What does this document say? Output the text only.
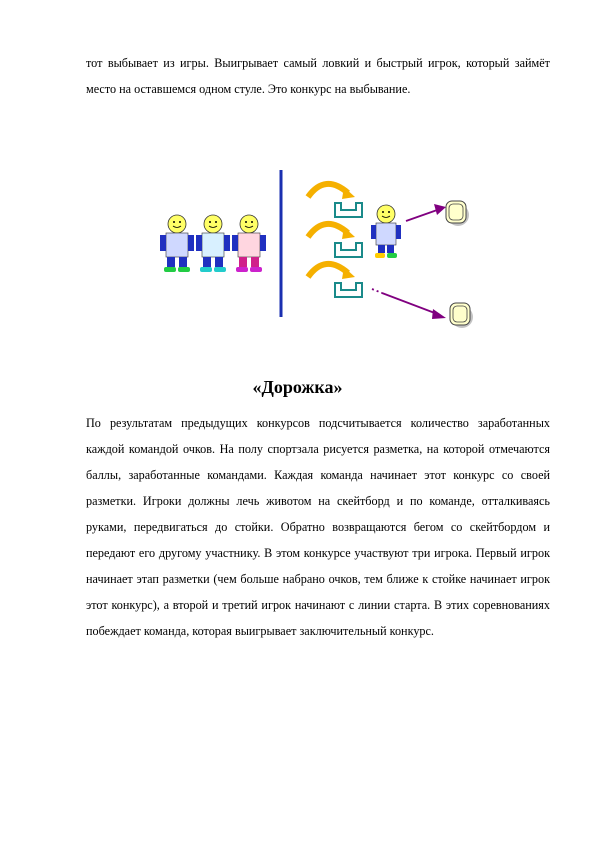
тот выбывает из игры. Выигрывает самый ловкий и быстрый игрок, который займёт место на оставшемся одном стуле. Это конкурс на выбывание.

«Дорожка»

По результатам предыдущих конкурсов подсчитывается количество заработанных каждой командой очков. На полу спортзала рисуется разметка, на которой отмечаются баллы, заработанные командами. Каждая команда начинает этот конкурс со своей разметки. Игроки должны лечь животом на скейтборд и по команде, отталкиваясь руками, передвигаться до стойки. Обратно возвращаются бегом со скейтбордом и передают его другому участнику. В этом конкурсе участвуют три игрока. Первый игрок начинает этап разметки (чем больше набрано очков, тем ближе к стойке начинает игрок этот конкурс), а второй и третий игрок начинают с линии старта. В этих соревнованиях побеждает команда, которая выигрывает заключительный конкурс.
